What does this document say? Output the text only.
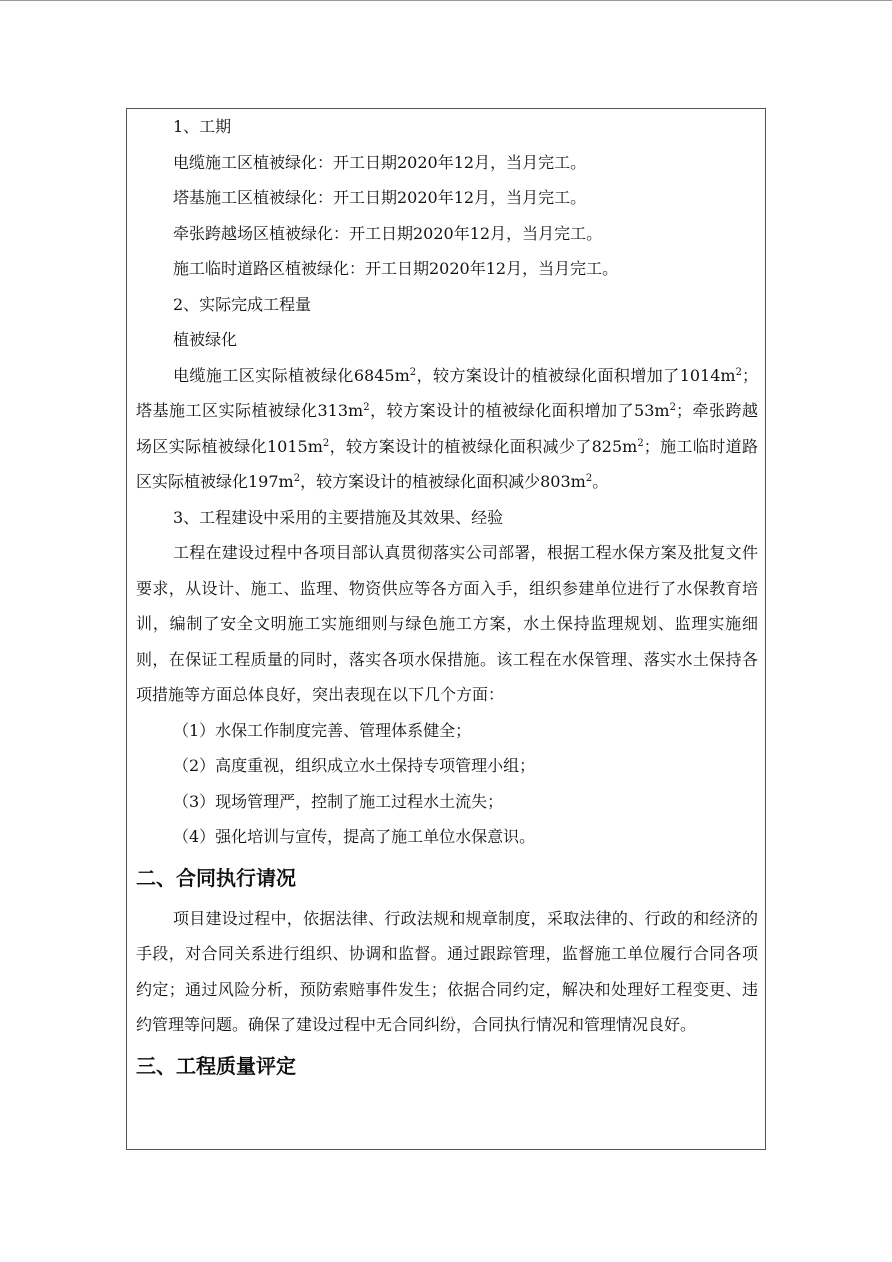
1、工期

电缆施工区植被绿化：开工日期2020年12月，当月完工。

塔基施工区植被绿化：开工日期2020年12月，当月完工。

牵张跨越场区植被绿化：开工日期2020年12月，当月完工。

施工临时道路区植被绿化：开工日期2020年12月，当月完工。

2、实际完成工程量

植被绿化

电缆施工区实际植被绿化$6845m^2$，较方案设计的植被绿化面积增加了$1014m^2$；塔基施工区实际植被绿化$313m^2$，较方案设计的植被绿化面积增加了$53m^2$；牵张跨越场区实际植被绿化$1015m^2$，较方案设计的植被绿化面积减少了$825m^2$；施工临时道路区实际植被绿化$197m^2$，较方案设计的植被绿化面积减少$803m^2$。

3、工程建设中采用的主要措施及其效果、经验

工程在建设过程中各项目部认真贯彻落实公司部署，根据工程水保方案及批复文件要求，从设计、施工、监理、物资供应等各方面入手，组织参建单位进行了水保教育培训，编制了安全文明施工实施细则与绿色施工方案，水土保持监理规划、监理实施细则，在保证工程质量的同时，落实各项水保措施。该工程在水保管理、落实水土保持各项措施等方面总体良好，突出表现在以下几个方面：

（1）水保工作制度完善、管理体系健全；

（2）高度重视，组织成立水土保持专项管理小组；

（3）现场管理严，控制了施工过程水土流失；

（4）强化培训与宣传，提高了施工单位水保意识。

二、合同执行请况

项目建设过程中，依据法律、行政法规和规章制度，采取法律的、行政的和经济的手段，对合同关系进行组织、协调和监督。通过跟踪管理，监督施工单位履行合同各项约定；通过风险分析，预防索赔事件发生；依据合同约定，解决和处理好工程变更、违约管理等问题。确保了建设过程中无合同纠纷，合同执行情况和管理情况良好。

三、工程质量评定
